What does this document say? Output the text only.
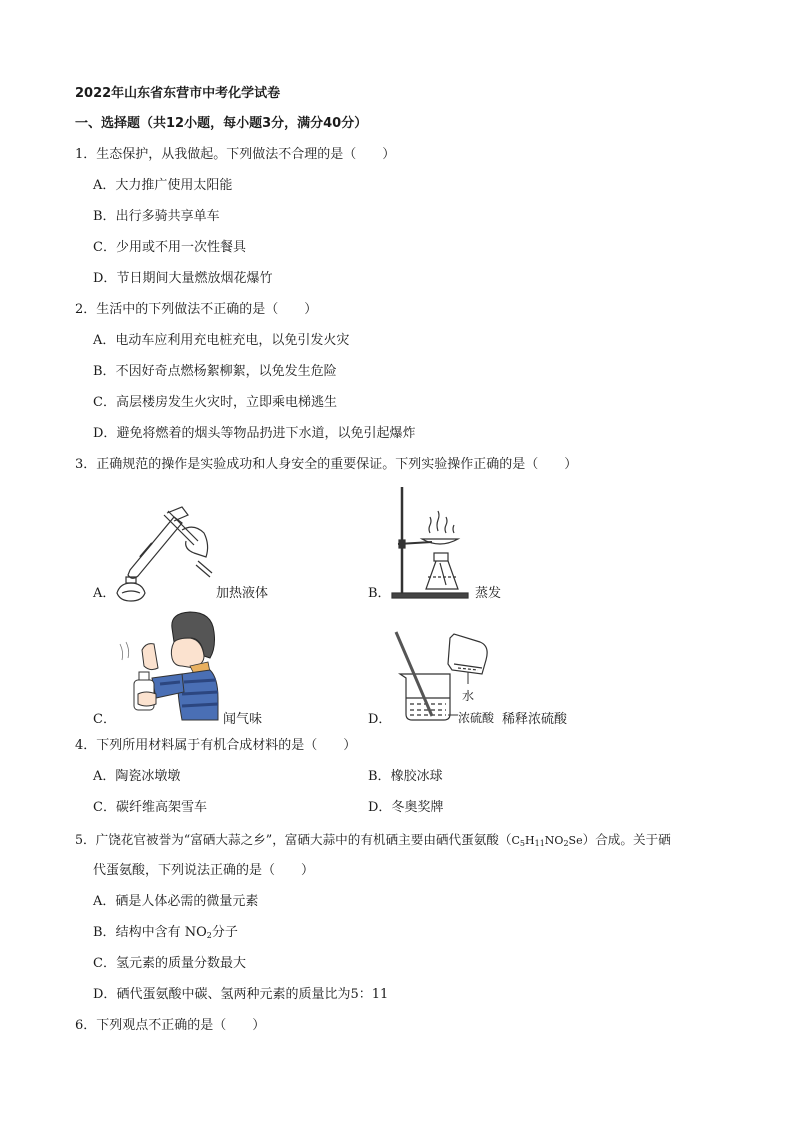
2022年山东省东营市中考化学试卷
一、选择题（共12小题，每小题3分，满分40分）
1．生态保护，从我做起。下列做法不合理的是（　　）
A．大力推广使用太阳能
B．出行多骑共享单车
C．少用或不用一次性餐具
D．节日期间大量燃放烟花爆竹
2．生活中的下列做法不正确的是（　　）
A．电动车应利用充电桩充电，以免引发火灾
B．不因好奇点燃杨絮柳絮，以免发生危险
C．高层楼房发生火灾时，立即乘电梯逃生
D．避免将燃着的烟头等物品扔进下水道，以免引起爆炸
3．正确规范的操作是实验成功和人身安全的重要保证。下列实验操作正确的是（　　）
A．	加热液体	B．	蒸发
C．	闻气味	D．
水
浓硫酸 稀释浓硫酸
4．下列所用材料属于有机合成材料的是（　　）
A．陶瓷冰墩墩	B．橡胶冰球
C．碳纤维高架雪车	D．冬奥奖牌
5．广饶花官被誉为“富硒大蒜之乡”，富硒大蒜中的有机硒主要由硒代蛋氨酸$(C_5H_{11}NO_2Se)$合成。关于硒
代蛋氨酸，下列说法正确的是（　　）
A．硒是人体必需的微量元素
B．结构中含有 $NO_2$分子
C．氢元素的质量分数最大
D．硒代蛋氨酸中碳、氢两种元素的质量比为5：11
6．下列观点不正确的是（　　）
